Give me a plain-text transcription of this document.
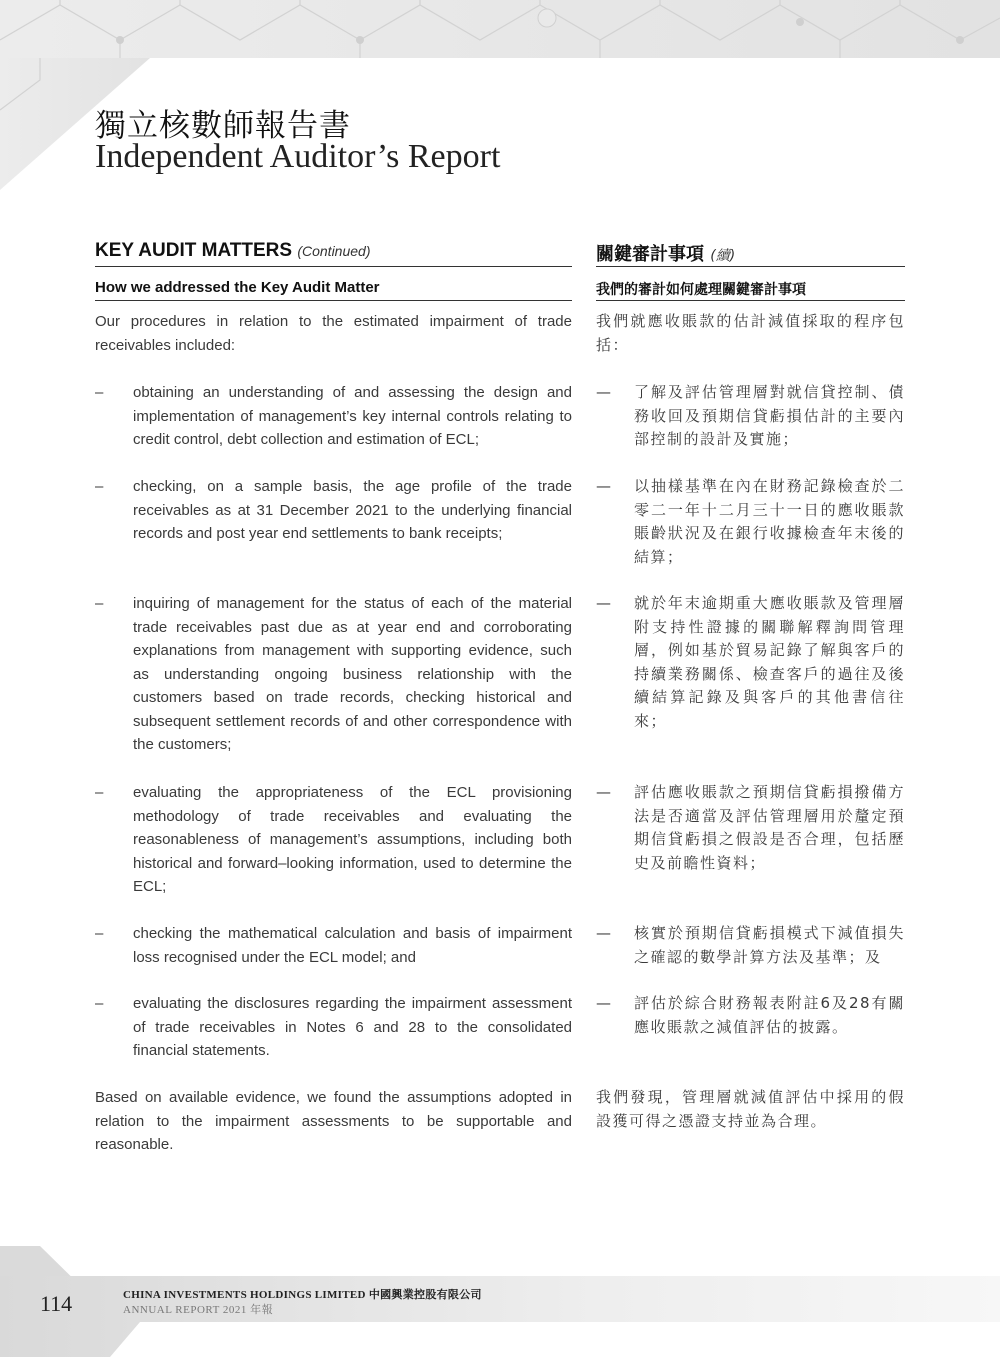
獨立核數師報告書
Independent Auditor’s Report
KEY AUDIT MATTERS (Continued)	關鍵審計事項 (續)
How we addressed the Key Audit Matter	我們的審計如何處理關鍵審計事項

Our procedures in relation to the estimated impairment of trade receivables included:

我們就應收賬款的估計減值採取的程序包括：

– obtaining an understanding of and assessing the design and implementation of management’s key internal controls relating to credit control, debt collection and estimation of ECL;
— 了解及評估管理層對就信貸控制、債務收回及預期信貸虧損估計的主要內部控制的設計及實施；
– checking, on a sample basis, the age profile of the trade receivables as at 31 December 2021 to the underlying financial records and post year end settlements to bank receipts;
— 以抽樣基準在內在財務記錄檢查於二零二一年十二月三十一日的應收賬款賬齡狀況及在銀行收據檢查年末後的結算；
– inquiring of management for the status of each of the material trade receivables past due as at year end and corroborating explanations from management with supporting evidence, such as understanding ongoing business relationship with the customers based on trade records, checking historical and subsequent settlement records of and other correspondence with the customers;
— 就於年末逾期重大應收賬款及管理層附支持性證據的關聯解釋詢問管理層，例如基於貿易記錄了解與客戶的持續業務關係、檢查客戶的過往及後續結算記錄及與客戶的其他書信往來；
– evaluating the appropriateness of the ECL provisioning methodology of trade receivables and evaluating the reasonableness of management’s assumptions, including both historical and forward–looking information, used to determine the ECL;
— 評估應收賬款之預期信貸虧損撥備方法是否適當及評估管理層用於釐定預期信貸虧損之假設是否合理，包括歷史及前瞻性資料；
– checking the mathematical calculation and basis of impairment loss recognised under the ECL model; and
— 核實於預期信貸虧損模式下減值損失之確認的數學計算方法及基準；及
– evaluating the disclosures regarding the impairment assessment of trade receivables in Notes 6 and 28 to the consolidated financial statements.
— 評估於綜合財務報表附註6及28有關應收賬款之減值評估的披露。

Based on available evidence, we found the assumptions adopted in relation to the impairment assessments to be supportable and reasonable.

我們發現，管理層就減值評估中採用的假設獲可得之憑證支持並為合理。

114	CHINA INVESTMENTS HOLDINGS LIMITED 中國興業控股有限公司
ANNUAL REPORT 2021 年報
